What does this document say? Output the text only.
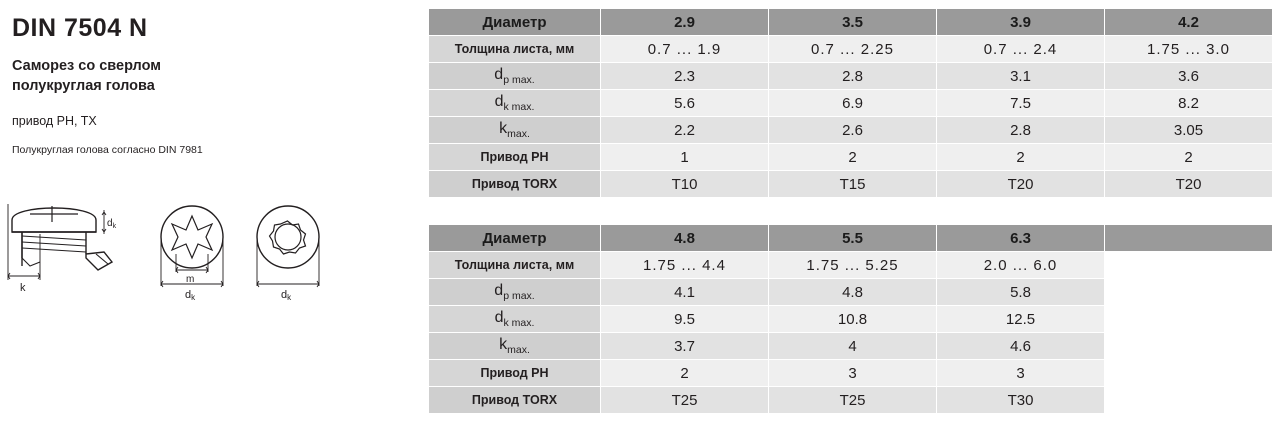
DIN 7504 N
Саморез со сверлом
полукруглая голова
привод PH, TX
Полукруглая голова согласно DIN 7981
k
$d_k$
m
dk	dk
Диаметр	2.9	3.5	3.9	4.2
Толщина листа, мм	0.7 ... 1.9	0.7 ... 2.25	0.7 ... 2.4	1.75 ... 3.0
$d_{p max.}$	2.3	2.8	3.1	3.6
$d_{k max.}$	5.6	6.9	7.5	8.2
$k_{max.}$	2.2	2.6	2.8	3.05
Привод PH	1	2	2	2
Привод TORX	T10	T15	T20	T20
Диаметр	4.8	5.5	6.3	
Толщина листа, мм	1.75 ... 4.4	1.75 ... 5.25	2.0 ... 6.0	
$d_{p max.}$	4.1	4.8	5.8	
$d_{k max.}$	9.5	10.8	12.5	
$k_{max.}$	3.7	4	4.6	
Привод PH	2	3	3	
Привод TORX	T25	T25	T30	
